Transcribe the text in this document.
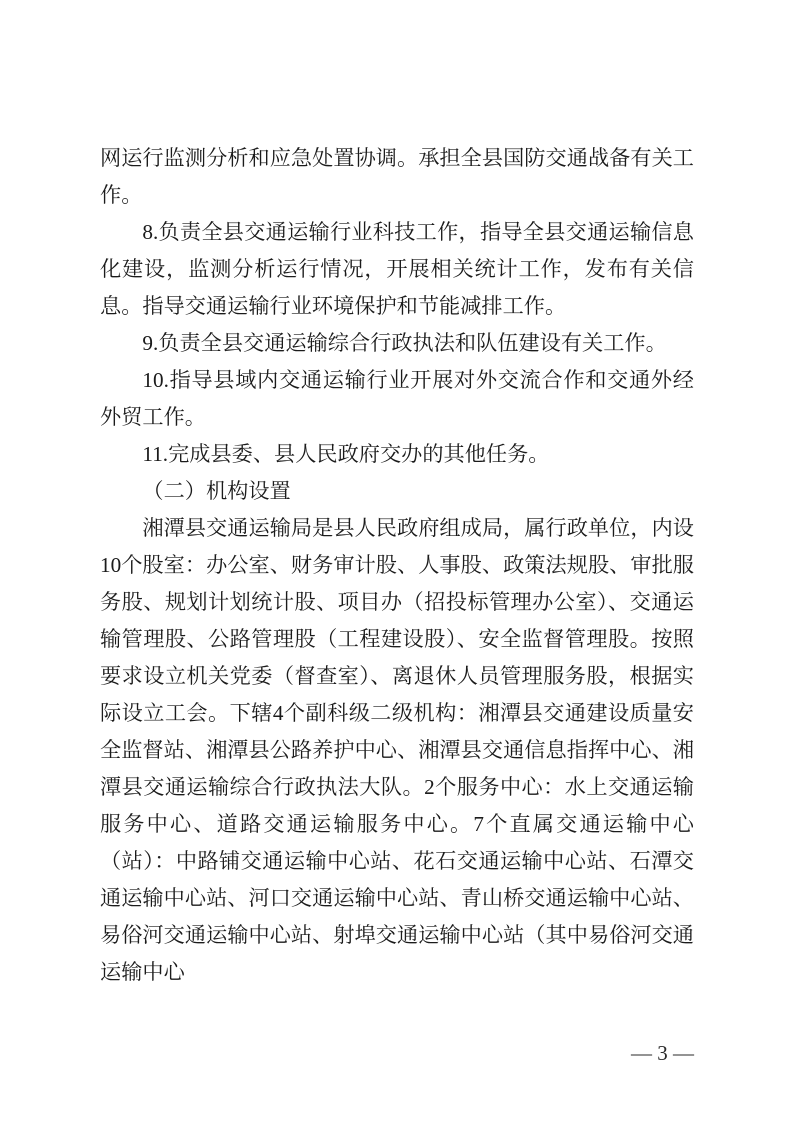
网运行监测分析和应急处置协调。承担全县国防交通战备有关工作。

8.负责全县交通运输行业科技工作，指导全县交通运输信息化建设，监测分析运行情况，开展相关统计工作，发布有关信息。指导交通运输行业环境保护和节能减排工作。

9.负责全县交通运输综合行政执法和队伍建设有关工作。

10.指导县域内交通运输行业开展对外交流合作和交通外经外贸工作。

11.完成县委、县人民政府交办的其他任务。

（二）机构设置

湘潭县交通运输局是县人民政府组成局，属行政单位，内设10个股室：办公室、财务审计股、人事股、政策法规股、审批服务股、规划计划统计股、项目办（招投标管理办公室）、交通运输管理股、公路管理股（工程建设股）、安全监督管理股。按照要求设立机关党委（督查室）、离退休人员管理服务股，根据实际设立工会。下辖4个副科级二级机构：湘潭县交通建设质量安全监督站、湘潭县公路养护中心、湘潭县交通信息指挥中心、湘潭县交通运输综合行政执法大队。2个服务中心：水上交通运输服务中心、道路交通运输服务中心。7个直属交通运输中心（站）：中路铺交通运输中心站、花石交通运输中心站、石潭交通运输中心站、河口交通运输中心站、青山桥交通运输中心站、易俗河交通运输中心站、射埠交通运输中心站（其中易俗河交通运输中心

— 3 —
